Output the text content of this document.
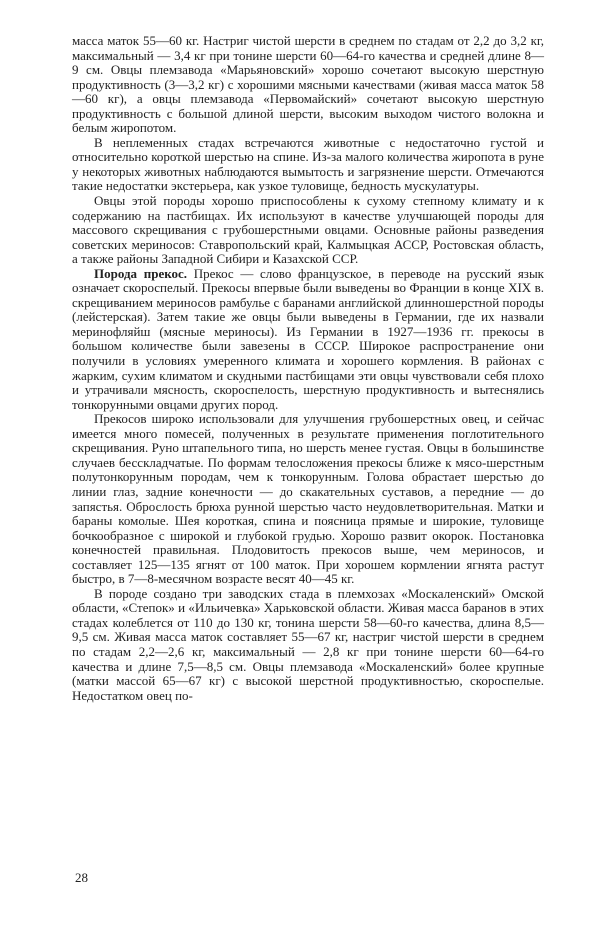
масса маток 55—60 кг. Настриг чистой шерсти в среднем по стадам от 2,2 до 3,2 кг, максимальный — 3,4 кг при тонине шерсти 60—64-го качества и средней длине 8—9 см. Овцы племзавода «Марьяновский» хорошо сочетают высокую шерстную продуктивность (3—3,2 кг) с хорошими мясными качествами (живая масса маток 58—60 кг), а овцы племзавода «Первомайский» сочетают высокую шерстную продуктивность с большой длиной шерсти, высоким выходом чистого волокна и белым жиропотом.

В неплеменных стадах встречаются животные с недостаточно густой и относительно короткой шерстью на спине. Из-за малого количества жиропота в руне у некоторых животных наблюдаются вымытость и загрязнение шерсти. Отмечаются такие недостатки экстерьера, как узкое туловище, бедность мускулатуры.

Овцы этой породы хорошо приспособлены к сухому степному климату и к содержанию на пастбищах. Их используют в качестве улучшающей породы для массового скрещивания с грубошерстными овцами. Основные районы разведения советских мериносов: Ставропольский край, Калмыцкая АССР, Ростовская область, а также районы Западной Сибири и Казахской ССР.

Порода прекос. Прекос — слово французское, в переводе на русский язык означает скороспелый. Прекосы впервые были выведены во Франции в конце XIX в. скрещиванием мериносов рамбулье с баранами английской длинношерстной породы (лейстерская). Затем такие же овцы были выведены в Германии, где их назвали меринофляйш (мясные мериносы). Из Германии в 1927—1936 гг. прекосы в большом количестве были завезены в СССР. Широкое распространение они получили в условиях умеренного климата и хорошего кормления. В районах с жарким, сухим климатом и скудными пастбищами эти овцы чувствовали себя плохо и утрачивали мясность, скороспелость, шерстную продуктивность и вытеснялись тонкорунными овцами других пород.

Прекосов широко использовали для улучшения грубошерстных овец, и сейчас имеется много помесей, полученных в результате применения поглотительного скрещивания. Руно штапельного типа, но шерсть менее густая. Овцы в большинстве случаев бесскладчатые. По формам телосложения прекосы ближе к мясо-шерстным полутонкорунным породам, чем к тонкорунным. Голова обрастает шерстью до линии глаз, задние конечности — до скакательных суставов, а передние — до запястья. Оброслость брюха рунной шерстью часто неудовлетворительная. Матки и бараны комолые. Шея короткая, спина и поясница прямые и широкие, туловище бочкообразное с широкой и глубокой грудью. Хорошо развит окорок. Постановка конечностей правильная. Плодовитость прекосов выше, чем мериносов, и составляет 125—135 ягнят от 100 маток. При хорошем кормлении ягнята растут быстро, в 7—8-месячном возрасте весят 40—45 кг.

В породе создано три заводских стада в племхозах «Москаленский» Омской области, «Степок» и «Ильичевка» Харьковской области. Живая масса баранов в этих стадах колеблется от 110 до 130 кг, тонина шерсти 58—60-го качества, длина 8,5—9,5 см. Живая масса маток составляет 55—67 кг, настриг чистой шерсти в среднем по стадам 2,2—2,6 кг, максимальный — 2,8 кг при тонине шерсти 60—64-го качества и длине 7,5—8,5 см. Овцы племзавода «Москаленский» более крупные (матки массой 65—67 кг) с высокой шерстной продуктивностью, скороспелые. Недостатком овец по-

28
